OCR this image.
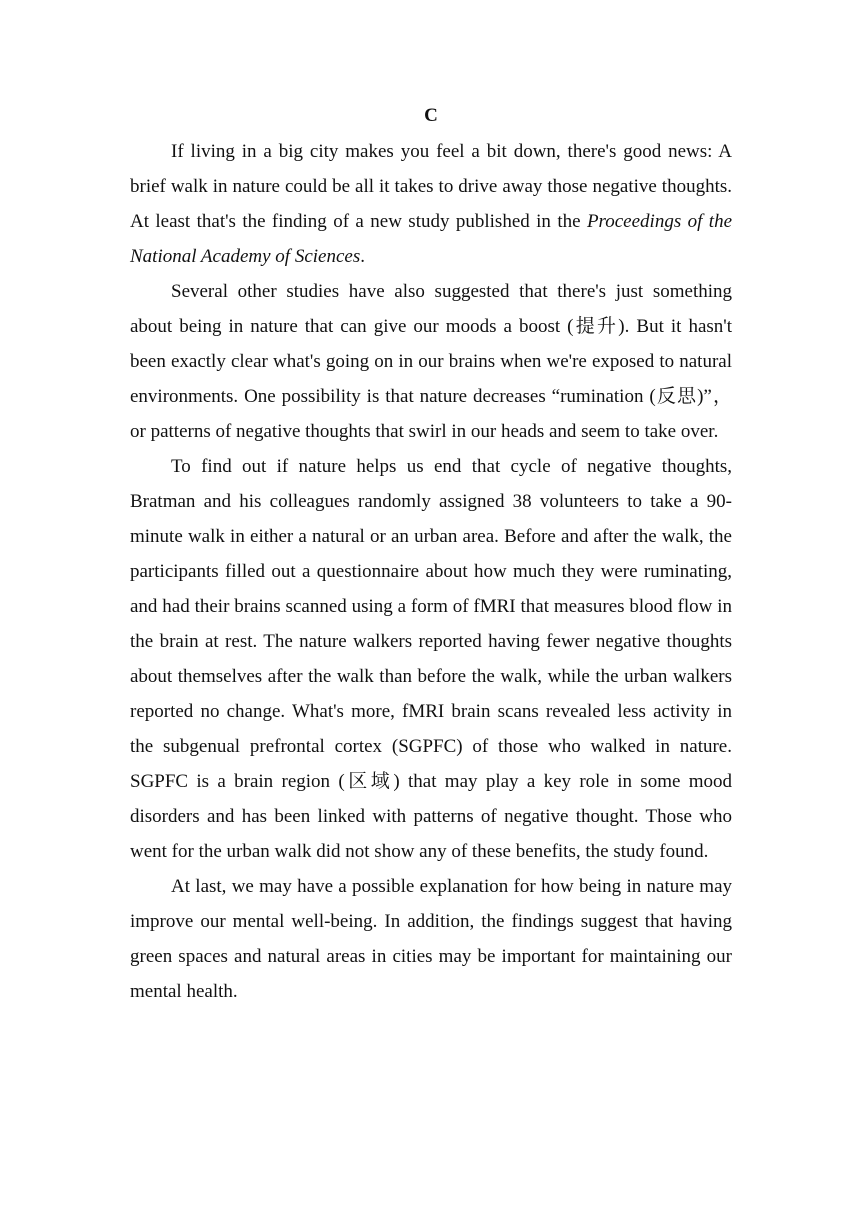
C

If living in a big city makes you feel a bit down, there's good news: A brief walk in nature could be all it takes to drive away those negative thoughts. At least that's the finding of a new study published in the Proceedings of the National Academy of Sciences.

Several other studies have also suggested that there's just something about being in nature that can give our moods a boost (提升). But it hasn't been exactly clear what's going on in our brains when we're exposed to natural environments. One possibility is that nature decreases “rumination (反思)”， or patterns of negative thoughts that swirl in our heads and seem to take over.

To find out if nature helps us end that cycle of negative thoughts, Bratman and his colleagues randomly assigned 38 volunteers to take a 90-minute walk in either a natural or an urban area. Before and after the walk, the participants filled out a questionnaire about how much they were ruminating, and had their brains scanned using a form of fMRI that measures blood flow in the brain at rest. The nature walkers reported having fewer negative thoughts about themselves after the walk than before the walk, while the urban walkers reported no change. What's more, fMRI brain scans revealed less activity in the subgenual prefrontal cortex (SGPFC) of those who walked in nature. SGPFC is a brain region (区域) that may play a key role in some mood disorders and has been linked with patterns of negative thought. Those who went for the urban walk did not show any of these benefits, the study found.

At last, we may have a possible explanation for how being in nature may improve our mental well-being. In addition, the findings suggest that having green spaces and natural areas in cities may be important for maintaining our mental health.
